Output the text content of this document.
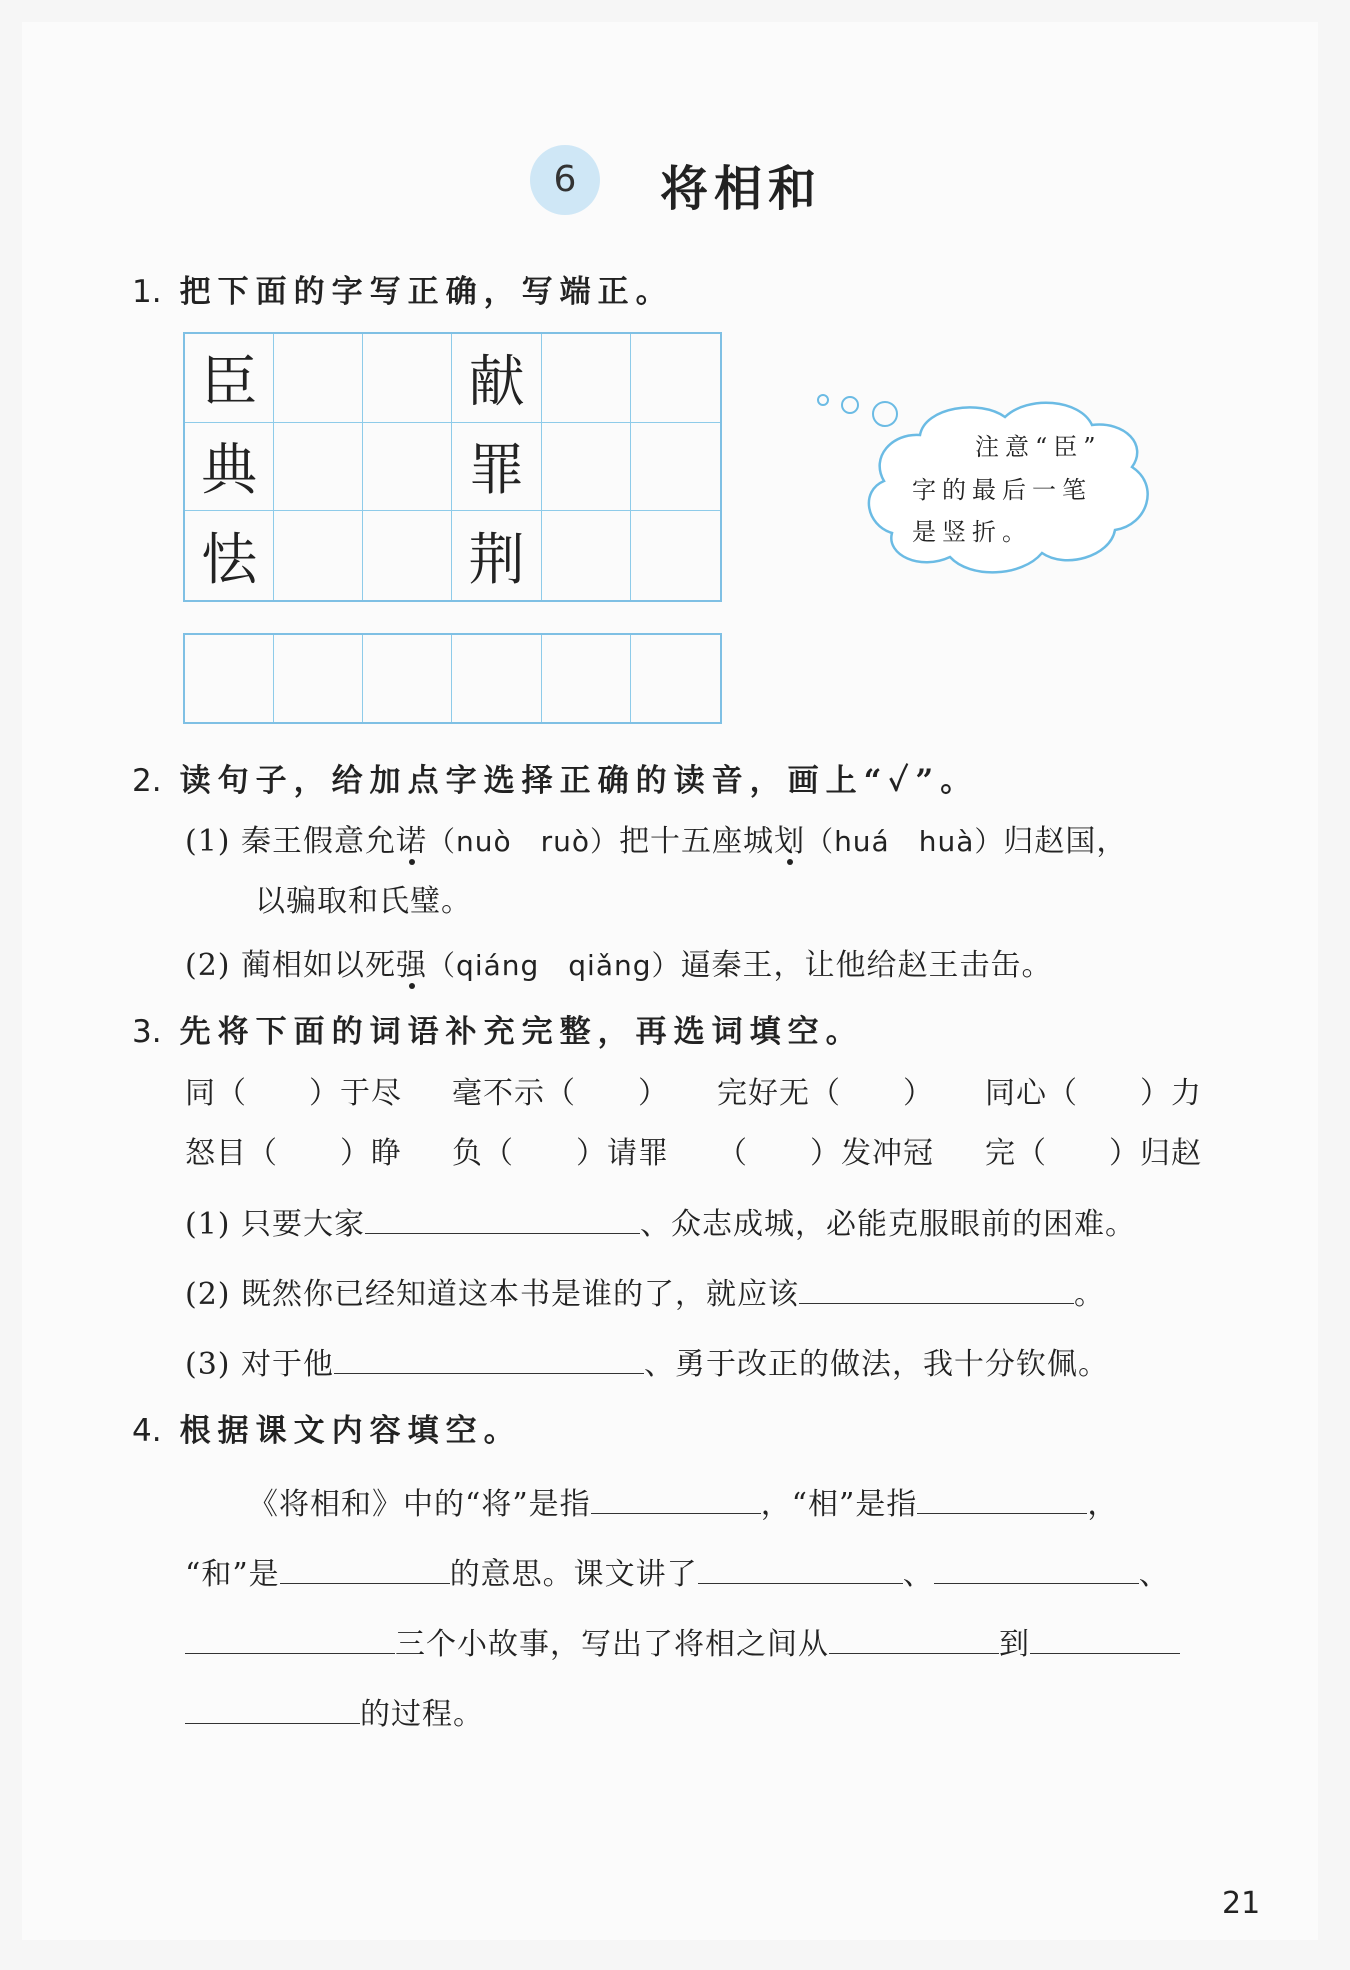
6	将相和
1. 把下面的字写正确，写端正。
臣	献
典	罪
怯	荆
注意“臣”
字的最后一笔
是竖折。
2. 读句子，给加点字选择正确的读音，画上“✓”。
(1) 秦王假意允诺（nuò　ruò）把十五座城划（huá　huà）归赵国，
以骗取和氏璧。
(2) 蔺相如以死强（qiáng　qiǎng）逼秦王，让他给赵王击缶。
3. 先将下面的词语补充完整，再选词填空。
同（　　）于尽 毫不示（　　） 完好无（　　） 同心（　　）力
怒目（　　）睁 负（　　）请罪 （　　）发冲冠 完（　　）归赵
(1) 只要大家	、众志成城，必能克服眼前的困难。
(2) 既然你已经知道这本书是谁的了，就应该	。
(3) 对于他	、勇于改正的做法，我十分钦佩。
4. 根据课文内容填空。
《将相和》中的“将”是指	，“相”是指	，
“和”是	的意思。课文讲了	、	、
三个小故事，写出了将相之间从	到
的过程。
21
